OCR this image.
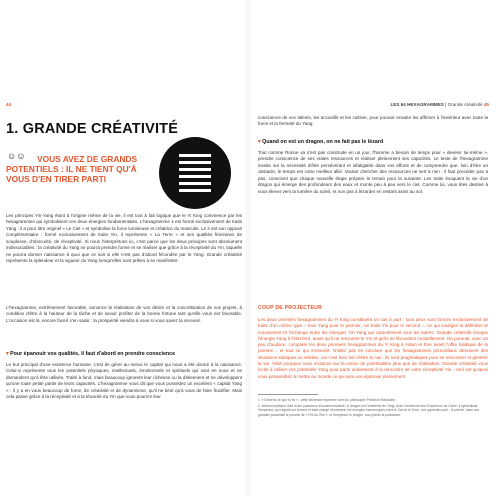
44
1. GRANDE CRÉATIVITÉ
☺☺	VOUS AVEZ DE GRANDS POTENTIELS : IL NE TIENT QU'À VOUS D'EN TIRER PARTI

Les principes Yin-Yang étant à l'origine même de la vie, il est tout à fait logique que le Yi King commence par les hexagrammes qui symbolisent ces deux énergies fondamentales. L'hexagramme 1 est formé exclusivement de traits Yang : il a pour titre originel « Le Ciel » et symbolise la force lumineuse et créatrice du masculin. Le 2 est son opposé complémentaire : formé exclusivement de traits Yin, il représente « La Terre » et ses qualités féminines de souplesse, d'obscurité, de réceptivité. Si nous l'interprétons ici, c'est parce que les deux principes sont absolument indissociables : la créativité du Yang ne pourra prendre forme et se réaliser que grâce à la réceptivité du Yin, laquelle ne pourra donner naissance à quoi que ce soit si elle n'est pas d'abord fécondée par le Yang. Grande créativité représente la splendeur et la vigueur du Yang lorsqu'elles sont prêtes à se manifester.

L'hexagramme, extrêmement favorable, annonce la réalisation de vos désirs et la concrétisation de vos projets, à condition d'être à la hauteur de la tâche et de savoir profiter de la bonne fortune tant qu'elle vous est favorable. L'occasion est là, encore faut-il s'en saisir : la prospérité viendra à vous si vous savez la recevoir.

▾ Pour épanouir vos qualités, il faut d'abord en prendre conscience

Le but principal d'une existence humaine, c'est de gérer au mieux le capital qui nous a été donné à la naissance. Celui-ci représente tous les potentiels physiques, intellectuels, émotionnels et spirituels qui sont en nous et ne demandent qu'à être utilisés. Traité à fond, mais beaucoup ignorent leur richesse ou la détiennent et ne développent qu'une toute petite partie de leurs capacités. L'hexagramme vous dit que vous possédez un excellent « capital Yang » : il y a en vous beaucoup de force, de créativité et de dynamisme, qu'il ne tient qu'à vous de faire fructifier. Mais cela passe grâce à la réceptivité et à la ténacité du Yin que vous pourrez leur

LES 64 HEXAGRAMMES | Grande créativité 45

conscience de vos talents, les accueillir et les cultiver, pour pouvoir ensuite les affirmer à l'extérieur avec toute la force et la fermeté du Yang.

▾ Quand on est un dragon, on ne fait pas le lézard

Tout comme Ronne va s'est pas construite en un jour, l'homme a besoin de temps pour « devenir lui-même », prendre conscience de ses vraies ressources et réaliser pleinement ses capacités. Le texte de l'hexagramme insiste sur la nécessité d'être persévérant et infatigable dans vos efforts et de comprendre que, loin d'être un obstacle, le temps est votre meilleur allié. Vouloir chercher des ressources ne sert à rien : il faut procéder pas à pas, conscient que chaque nouvelle étape prépare le terrain pour la suivante. Les traits évoquent la vie d'un dragon qui émerge des profondeurs des eaux et monte peu à peu vers le ciel. Comme lui, vous êtes destiné à vous élever vers la lumière du soleil, et non pas à lézarder en restant assis au sol.

COUP DE PROJECTEUR

Les deux premiers hexagrammes du Yi King constituent un cas à part : tous deux sont formés exclusivement de traits d'un même type – tous Yang pour le premier, six traits Yin pour le second –, ce qui souligne la définition le mouvement et l'échange entre les énergies Yin-Yang qui caractérisent tous les autres. Grande créativité évoque l'énergie Yang à l'état brut, avant qu'il ne rencontre le Yin et qu'ils se fécondent mutuellement. On pourrait, avec un peu d'audace, comparer les deux premiers hexagrammes du Yi King à Adam et Ève avant l'offre fatidique de la pomme… et tout ce qui s'ensuivit. N'allez pas en conclure que les hexagrammes primordiaux dessinent des situations statiques ou stériles, car c'est bien loin d'être le cas : ils sont pragmatiques pour se rencontrer et générer la vie. Voilà pourquoi nous insistons sur la notion de potentialités plus que de réalisation. Grande créativité vous incite à utiliser vos potentiels Yang pour partir activement à la rencontre de votre réceptivité Yin : cenl est qu'ainsi vous parviendrez à mettre au monde ce qui sera vos épanouir pleinement.

1. « Deviens ce que tu es » : cette sentence exprimée vient du philosophe Friedrich Nietzsche.

2. Animal mythique doté d'une puissance incommensurable, le dragon est l'emblème de Yang. Avec l'existence des Empereurs de Chine, il symbolisait l'empereur, qui régnait sur la terre et était chargé d'entretenir les énergies harmoniques entre le Ciel et la Terre. Les symboles sont : le phénix, dans ses grandes possédait le pouvoir de « Fils du Ciel », et l'empereur le dragon, aux phénix la puissance.
